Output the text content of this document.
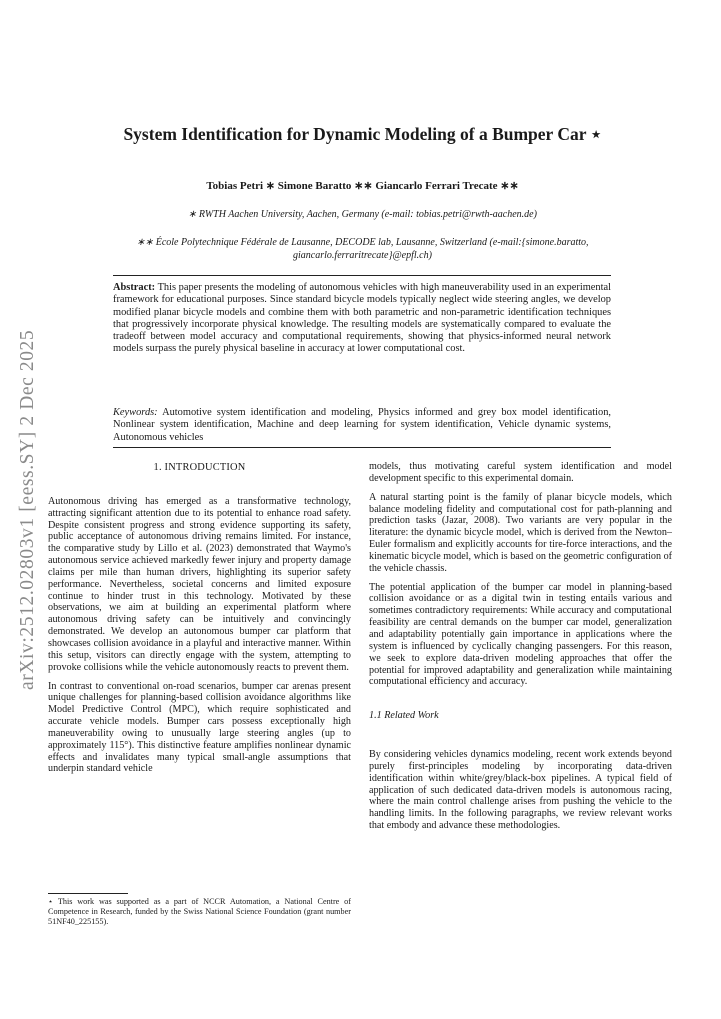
arXiv:2512.02803v1 [eess.SY] 2 Dec 2025
System Identification for Dynamic Modeling of a Bumper Car ⋆
Tobias Petri ∗ Simone Baratto ∗∗ Giancarlo Ferrari Trecate ∗∗
∗ RWTH Aachen University, Aachen, Germany (e-mail: tobias.petri@rwth-aachen.de)
∗∗ École Polytechnique Fédérale de Lausanne, DECODE lab, Lausanne, Switzerland (e-mail:{simone.baratto, giancarlo.ferraritrecate}@epfl.ch)
Abstract: This paper presents the modeling of autonomous vehicles with high maneuverability used in an experimental framework for educational purposes. Since standard bicycle models typically neglect wide steering angles, we develop modified planar bicycle models and combine them with both parametric and non-parametric identification techniques that progressively incorporate physical knowledge. The resulting models are systematically compared to evaluate the tradeoff between model accuracy and computational requirements, showing that physics-informed neural network models surpass the purely physical baseline in accuracy at lower computational cost.
Keywords: Automotive system identification and modeling, Physics informed and grey box model identification, Nonlinear system identification, Machine and deep learning for system identification, Vehicle dynamic systems, Autonomous vehicles
1. INTRODUCTION

Autonomous driving has emerged as a transformative technology, attracting significant attention due to its potential to enhance road safety. Despite consistent progress and strong evidence supporting its safety, public acceptance of autonomous driving remains limited. For instance, the comparative study by Lillo et al. (2023) demonstrated that Waymo's autonomous service achieved markedly fewer injury and property damage claims per mile than human drivers, highlighting its superior safety performance. Nevertheless, societal concerns and limited exposure continue to hinder trust in this technology. Motivated by these observations, we aim at building an experimental platform where autonomous driving safety can be intuitively and convincingly demonstrated. We develop an autonomous bumper car platform that showcases collision avoidance in a playful and interactive manner. Within this setup, visitors can directly engage with the system, attempting to provoke collisions while the vehicle autonomously reacts to prevent them.

In contrast to conventional on-road scenarios, bumper car arenas present unique challenges for planning-based collision avoidance algorithms like Model Predictive Control (MPC), which require sophisticated and accurate vehicle models. Bumper cars possess exceptionally high maneuverability owing to unusually large steering angles (up to approximately 115°). This distinctive feature amplifies nonlinear dynamic effects and invalidates many typical small-angle assumptions that underpin standard vehicle

models, thus motivating careful system identification and model development specific to this experimental domain.

A natural starting point is the family of planar bicycle models, which balance modeling fidelity and computational cost for path-planning and prediction tasks (Jazar, 2008). Two variants are very popular in the literature: the dynamic bicycle model, which is derived from the Newton–Euler formalism and explicitly accounts for tire-force interactions, and the kinematic bicycle model, which is based on the geometric configuration of the vehicle chassis.

The potential application of the bumper car model in planning-based collision avoidance or as a digital twin in testing entails various and sometimes contradictory requirements: While accuracy and computational feasibility are central demands on the bumper car model, generalization and adaptability potentially gain importance in applications where the system is influenced by cyclically changing passengers. For this reason, we seek to explore data-driven modeling approaches that offer the potential for improved adaptability and generalization while maintaining computational efficiency and accuracy.

1.1 Related Work

By considering vehicles dynamics modeling, recent work extends beyond purely first-principles modeling by incorporating data-driven identification within white/grey/black-box pipelines. A typical field of application of such dedicated data-driven models is autonomous racing, where the main control challenge arises from pushing the vehicle to the handling limits. In the following paragraphs, we review relevant works that embody and advance these methodologies.

⋆ This work was supported as a part of NCCR Automation, a National Centre of Competence in Research, funded by the Swiss National Science Foundation (grant number 51NF40_225155).
